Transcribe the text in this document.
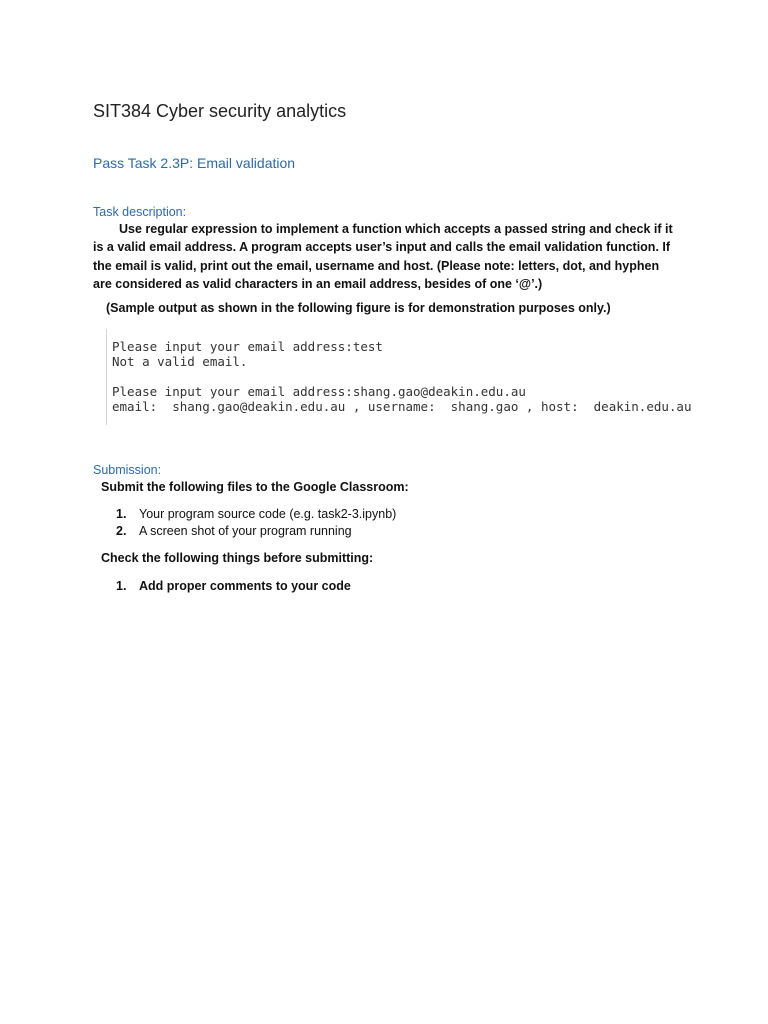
SIT384 Cyber security analytics
Pass Task 2.3P: Email validation
Task description:

Use regular expression to implement a function which accepts a passed string and check if it is a valid email address. A program accepts user’s input and calls the email validation function. If the email is valid, print out the email, username and host. (Please note: letters, dot, and hyphen are considered as valid characters in an email address, besides of one ‘@’.)

(Sample output as shown in the following figure is for demonstration purposes only.)
Please input your email address:test
Not a valid email.
Please input your email address:shang.gao@deakin.edu.au
email:  shang.gao@deakin.edu.au , username:  shang.gao , host:  deakin.edu.au
Submission:
Submit the following files to the Google Classroom:
1. Your program source code (e.g. task2-3.ipynb)
2. A screen shot of your program running
Check the following things before submitting:
1. Add proper comments to your code
